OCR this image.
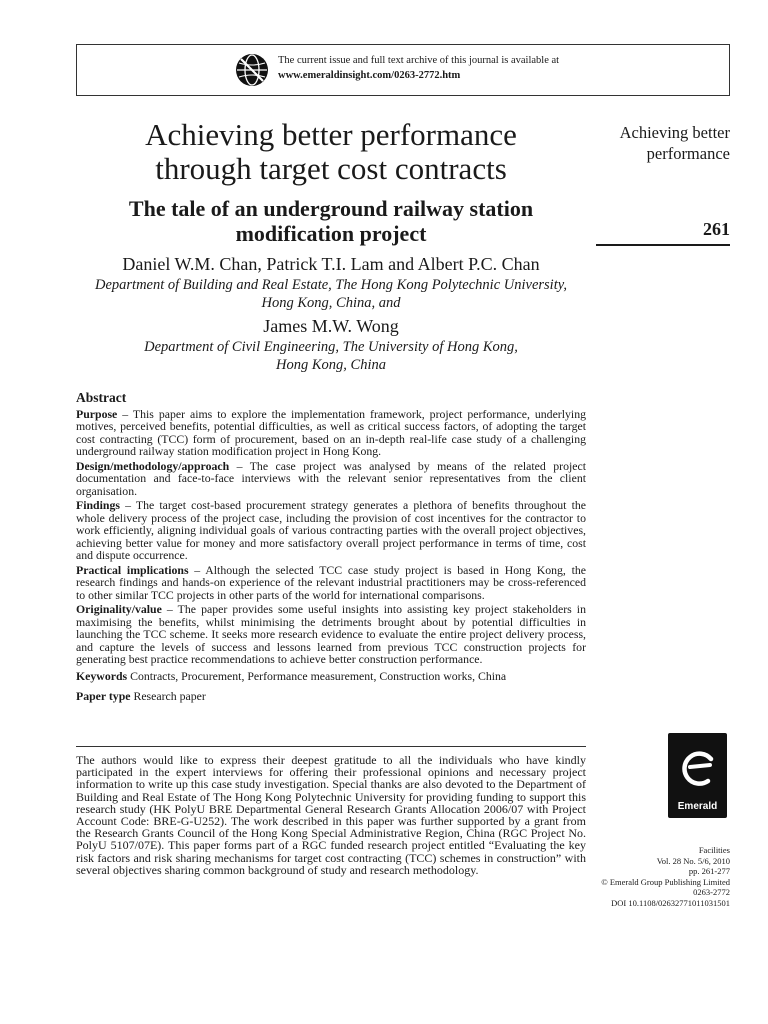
The current issue and full text archive of this journal is available at
www.emeraldinsight.com/0263-2772.htm
Achieving better performance
through target cost contracts
The tale of an underground railway station
modification project
Daniel W.M. Chan, Patrick T.I. Lam and Albert P.C. Chan
Department of Building and Real Estate, The Hong Kong Polytechnic University,
Hong Kong, China, and
James M.W. Wong
Department of Civil Engineering, The University of Hong Kong,
Hong Kong, China
Achieving better
performance
261
Abstract

Purpose – This paper aims to explore the implementation framework, project performance, underlying motives, perceived benefits, potential difficulties, as well as critical success factors, of adopting the target cost contracting (TCC) form of procurement, based on an in-depth real-life case study of a challenging underground railway station modification project in Hong Kong.

Design/methodology/approach – The case project was analysed by means of the related project documentation and face-to-face interviews with the relevant senior representatives from the client organisation.

Findings – The target cost-based procurement strategy generates a plethora of benefits throughout the whole delivery process of the project case, including the provision of cost incentives for the contractor to work efficiently, aligning individual goals of various contracting parties with the overall project objectives, achieving better value for money and more satisfactory overall project performance in terms of time, cost and dispute occurrence.

Practical implications – Although the selected TCC case study project is based in Hong Kong, the research findings and hands-on experience of the relevant industrial practitioners may be cross-referenced to other similar TCC projects in other parts of the world for international comparisons.

Originality/value – The paper provides some useful insights into assisting key project stakeholders in maximising the benefits, whilst minimising the detriments brought about by potential difficulties in launching the TCC scheme. It seeks more research evidence to evaluate the entire project delivery process, and capture the levels of success and lessons learned from previous TCC construction projects for generating best practice recommendations to achieve better construction performance.

Keywords Contracts, Procurement, Performance measurement, Construction works, China

Paper type Research paper

The authors would like to express their deepest gratitude to all the individuals who have kindly participated in the expert interviews for offering their professional opinions and necessary project information to write up this case study investigation. Special thanks are also devoted to the Department of Building and Real Estate of The Hong Kong Polytechnic University for providing funding to support this research study (HK PolyU BRE Departmental General Research Grants Allocation 2006/07 with Project Account Code: BRE-G-U252). The work described in this paper was further supported by a grant from the Research Grants Council of the Hong Kong Special Administrative Region, China (RGC Project No. PolyU 5107/07E). This paper forms part of a RGC funded research project entitled “Evaluating the key risk factors and risk sharing mechanisms for target cost contracting (TCC) schemes in construction” with several objectives sharing common background of study and research methodology.

Emerald
Facilities
Vol. 28 No. 5/6, 2010
pp. 261-277
© Emerald Group Publishing Limited
0263-2772
DOI 10.1108/02632771011031501
